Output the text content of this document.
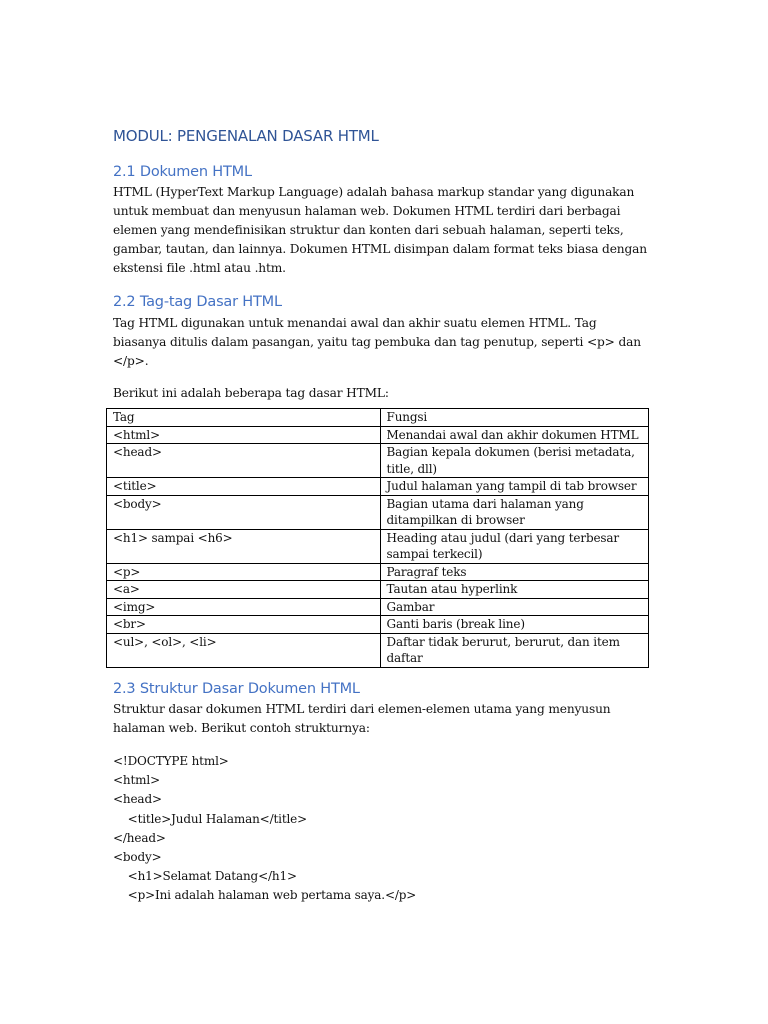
MODUL: PENGENALAN DASAR HTML
2.1 Dokumen HTML

HTML (HyperText Markup Language) adalah bahasa markup standar yang digunakan untuk membuat dan menyusun halaman web. Dokumen HTML terdiri dari berbagai elemen yang mendefinisikan struktur dan konten dari sebuah halaman, seperti teks, gambar, tautan, dan lainnya. Dokumen HTML disimpan dalam format teks biasa dengan ekstensi file .html atau .htm.

2.2 Tag-tag Dasar HTML

Tag HTML digunakan untuk menandai awal dan akhir suatu elemen HTML. Tag biasanya ditulis dalam pasangan, yaitu tag pembuka dan tag penutup, seperti <p> dan </p>.

Berikut ini adalah beberapa tag dasar HTML:

Tag	Fungsi
<html>	Menandai awal dan akhir dokumen HTML
<head>	Bagian kepala dokumen (berisi metadata, title, dll)
<title>	Judul halaman yang tampil di tab browser
<body>	Bagian utama dari halaman yang ditampilkan di browser
<h1> sampai <h6>	Heading atau judul (dari yang terbesar sampai terkecil)
<p>	Paragraf teks
<a>	Tautan atau hyperlink
<img>	Gambar
<br>	Ganti baris (break line)
<ul>, <ol>, <li>	Daftar tidak berurut, berurut, dan item daftar
2.3 Struktur Dasar Dokumen HTML

Struktur dasar dokumen HTML terdiri dari elemen-elemen utama yang menyusun halaman web. Berikut contoh strukturnya:

<!DOCTYPE html>
<html>
<head>
<title>Judul Halaman</title>
</head>
<body>
<h1>Selamat Datang</h1>
<p>Ini adalah halaman web pertama saya.</p>
